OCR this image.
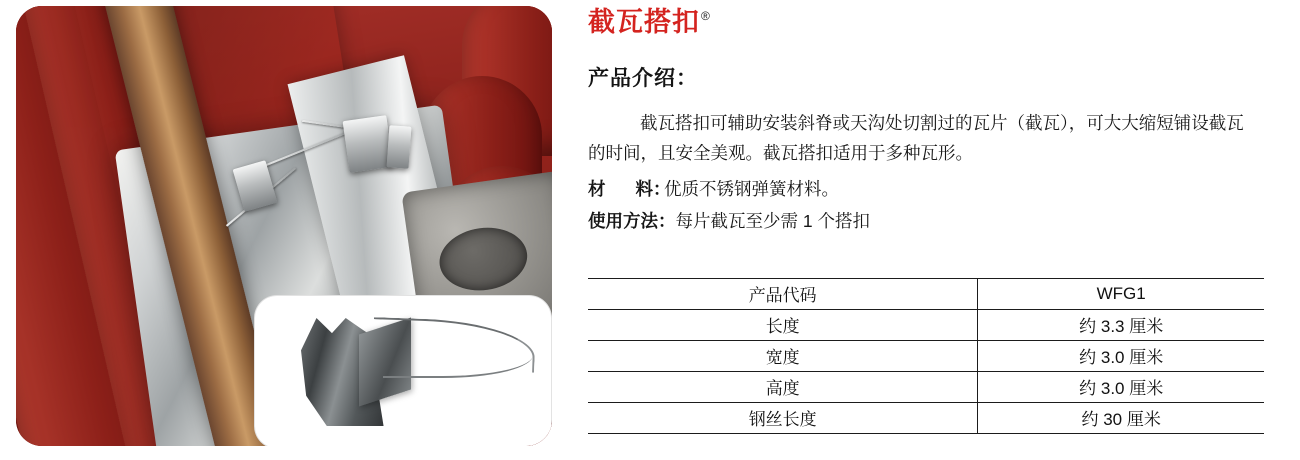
截瓦搭扣 ®
产品介绍：
截瓦搭扣可辅助安装斜脊或天沟处切割过的瓦片（截瓦），可大大缩短铺设截瓦的时间，且安全美观。截瓦搭扣适用于多种瓦形。
材 料：优质不锈钢弹簧材料。
使用方法：每片截瓦至少需 1 个搭扣
产品代码	WFG1
长度	约 3.3 厘米
宽度	约 3.0 厘米
高度	约 3.0 厘米
钢丝长度	约 30 厘米
